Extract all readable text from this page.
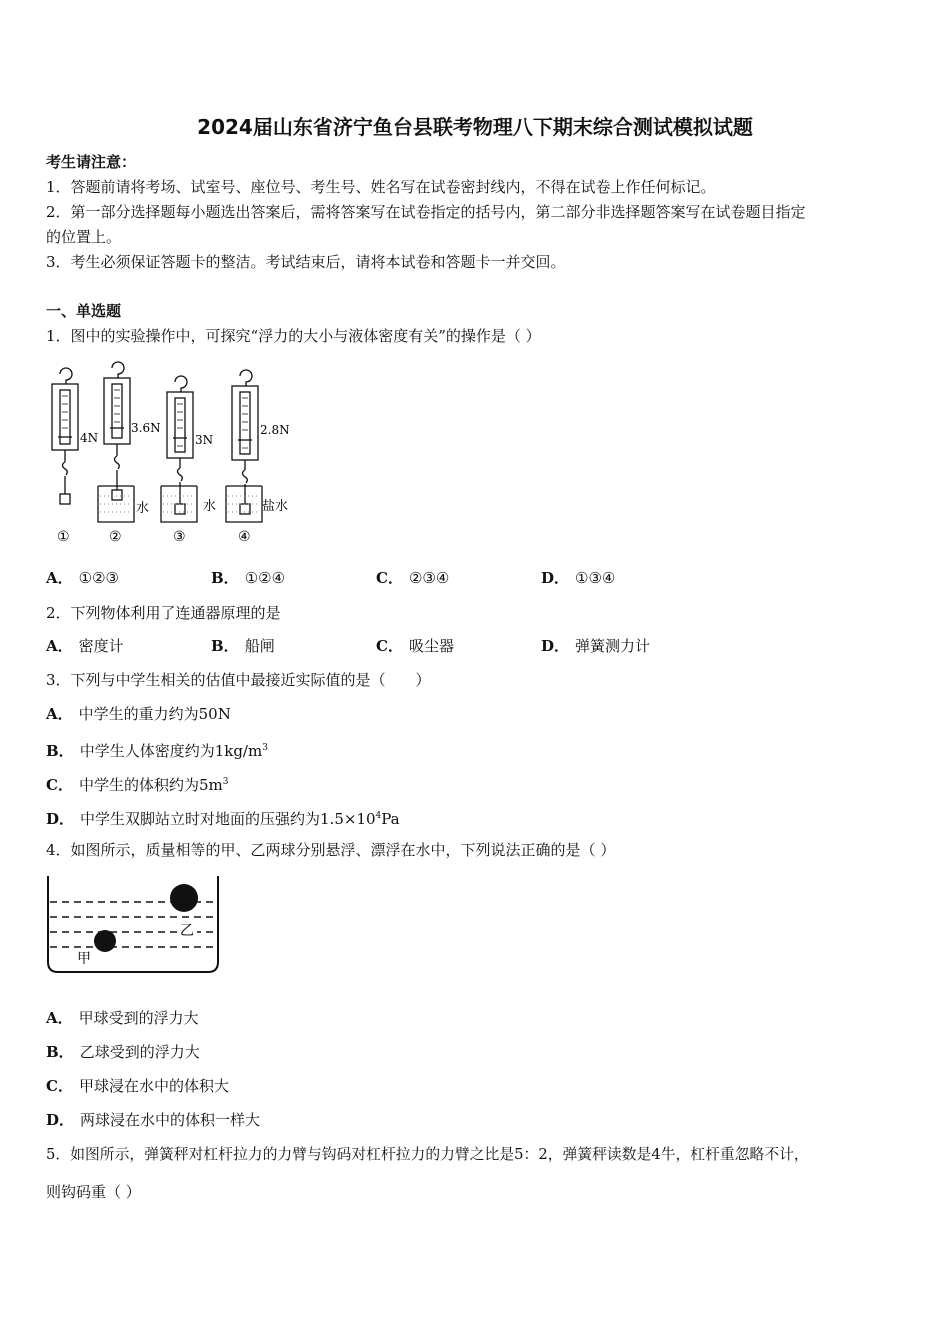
2024届山东省济宁鱼台县联考物理八下期末综合测试模拟试题
考生请注意：
1．答题前请将考场、试室号、座位号、考生号、姓名写在试卷密封线内，不得在试卷上作任何标记。
2．第一部分选择题每小题选出答案后，需将答案写在试卷指定的括号内，第二部分非选择题答案写在试卷题目指定
的位置上。
3．考生必须保证答题卡的整洁。考试结束后，请将本试卷和答题卡一并交回。
一、单选题
1．图中的实验操作中，可探究“浮力的大小与液体密度有关”的操作是（ ）
4N
3.6N
3N
2.8N
水	水	盐水
①	②	③	④
A． ①②③	B． ①②④	C． ②③④	D． ①③④
2．下列物体利用了连通器原理的是
A． 密度计	B． 船闸	C． 吸尘器	D． 弹簧测力计
3．下列与中学生相关的估值中最接近实际值的是（　　）
A． 中学生的重力约为50N
B． 中学生人体密度约为$1kg/m^3$
C． 中学生的体积约为$5m^3$
D． 中学生双脚站立时对地面的压强约为$1.5\times 10^4Pa$
4．如图所示，质量相等的甲、乙两球分别悬浮、漂浮在水中，下列说法正确的是（ ）
乙
甲
A． 甲球受到的浮力大
B． 乙球受到的浮力大
C． 甲球浸在水中的体积大
D． 两球浸在水中的体积一样大
5．如图所示，弹簧秤对杠杆拉力的力臂与钩码对杠杆拉力的力臂之比是5：2，弹簧秤读数是4牛，杠杆重忽略不计，
则钩码重（ ）
